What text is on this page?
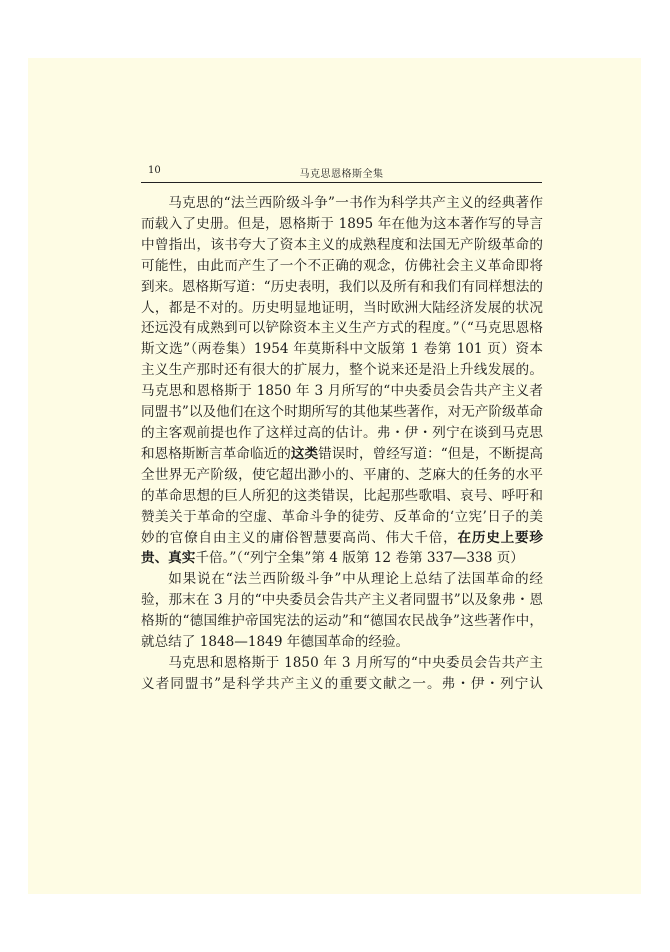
10	马克思恩格斯全集

马克思的“法兰西阶级斗争”一书作为科学共产主义的经典著作而载入了史册。但是，恩格斯于 1895 年在他为这本著作写的导言中曾指出，该书夸大了资本主义的成熟程度和法国无产阶级革命的可能性，由此而产生了一个不正确的观念，仿佛社会主义革命即将到来。恩格斯写道：“历史表明，我们以及所有和我们有同样想法的人，都是不对的。历史明显地证明，当时欧洲大陆经济发展的状况还远没有成熟到可以铲除资本主义生产方式的程度。”（“马克思恩格斯文选”（两卷集）1954 年莫斯科中文版第 1 卷第 101 页）资本主义生产那时还有很大的扩展力，整个说来还是沿上升线发展的。马克思和恩格斯于 1850 年 3 月所写的“中央委员会告共产主义者同盟书”以及他们在这个时期所写的其他某些著作，对无产阶级革命的主客观前提也作了这样过高的估计。弗・伊・列宁在谈到马克思和恩格斯断言革命临近的这类错误时，曾经写道：“但是，不断提高全世界无产阶级，使它超出渺小的、平庸的、芝麻大的任务的水平的革命思想的巨人所犯的这类错误，比起那些歌唱、哀号、呼吁和赞美关于革命的空虚、革命斗争的徒劳、反革命的‘立宪’日子的美妙的官僚自由主义的庸俗智慧要高尚、伟大千倍，在历史上要珍贵、真实千倍。”（“列宁全集”第 4 版第 12 卷第 337—338 页）

如果说在“法兰西阶级斗争”中从理论上总结了法国革命的经验，那末在 3 月的“中央委员会告共产主义者同盟书”以及象弗・恩格斯的“德国维护帝国宪法的运动”和“德国农民战争”这些著作中，就总结了 1848—1849 年德国革命的经验。

马克思和恩格斯于 1850 年 3 月所写的“中央委员会告共产主义者同盟书”是科学共产主义的重要文献之一。弗・伊・列宁认
